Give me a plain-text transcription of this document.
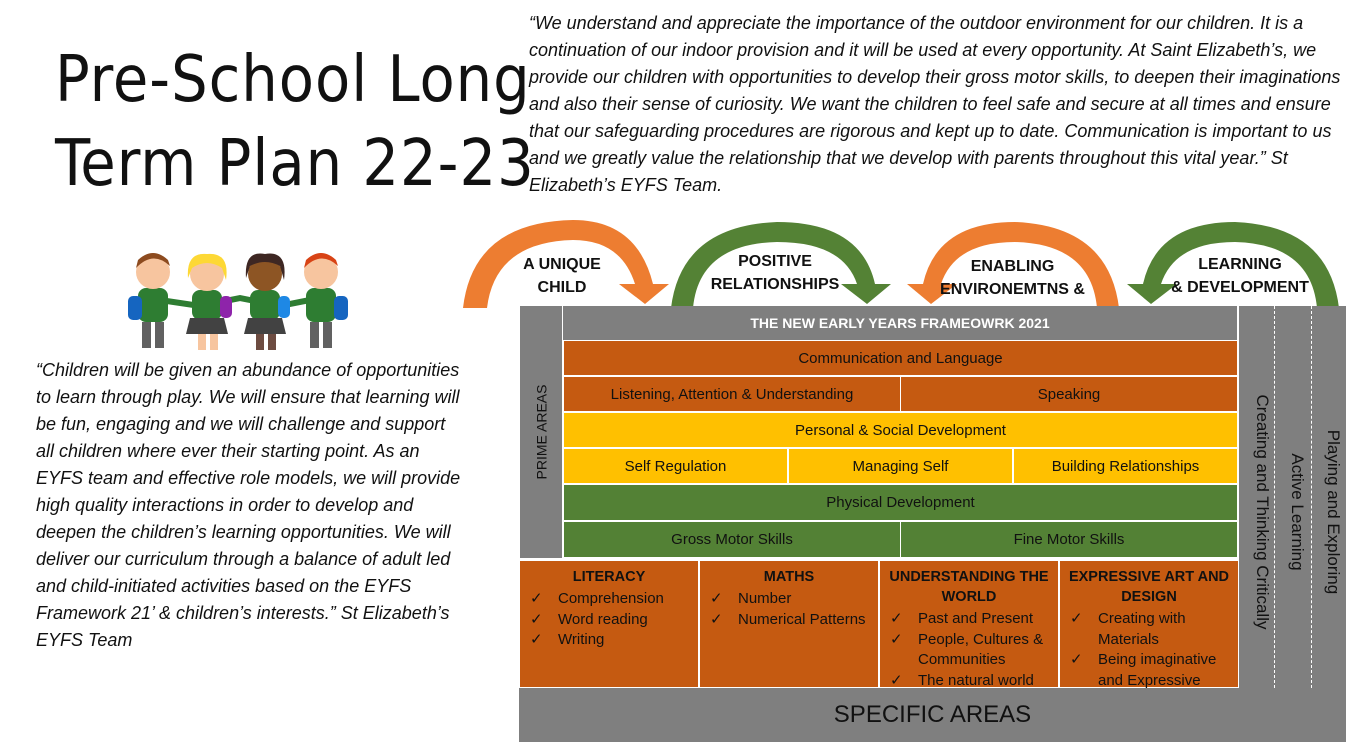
Pre-School Long
Term Plan 22-23
“We understand and appreciate the importance of the outdoor environment for our children. It is a continuation of our indoor provision and it will be used at every opportunity. At Saint Elizabeth’s, we provide our children with opportunities to develop their gross motor skills, to deepen their imaginations and also their sense of curiosity. We want the children to feel safe and secure at all times and ensure that our safeguarding procedures are rigorous and kept up to date. Communication is important to us and we greatly value the relationship that we develop with parents throughout this vital year.” St Elizabeth’s EYFS Team.
“Children will be given an abundance of opportunities to learn through play. We will ensure that learning will be fun, engaging and we will challenge and support all children where ever their starting point. As an EYFS team and effective role models, we will provide high quality interactions in order to develop and deepen the children’s learning opportunities. We will deliver our curriculum through a balance of adult led and child-initiated activities based on the EYFS Framework 21’ & children’s interests.” St Elizabeth’s EYFS Team
A UNIQUE
CHILD
POSITIVE
RELATIONSHIPS
ENABLING
ENVIRONEMTNS &
LEARNING
& DEVELOPMENT
PRIME AREAS
THE NEW EARLY YEARS FRAMEOWRK 2021
Communication and Language
Listening, Attention & Understanding	Speaking
Personal & Social Development
Self Regulation	Managing Self	Building Relationships
Physical Development
Gross Motor Skills	Fine Motor Skills
LITERACY
✓ Comprehension
✓ Word reading
✓ Writing
MATHS
✓ Number
✓ Numerical Patterns
UNDERSTANDING THE WORLD
✓ Past and Present
✓ People, Cultures & Communities
✓ The natural world
EXPRESSIVE ART AND DESIGN
✓ Creating with Materials
✓ Being imaginative and Expressive
SPECIFIC AREAS
Creating and Thinking Critically Active Learning Playing and Exploring
